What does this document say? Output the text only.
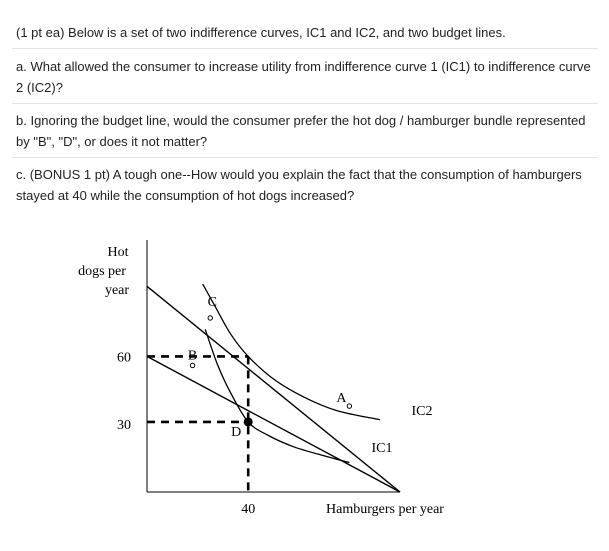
(1 pt ea) Below is a set of two indifference curves, IC1 and IC2, and two budget lines.

a. What allowed the consumer to increase utility from indifference curve 1 (IC1) to indifference curve 2 (IC2)?

b. Ignoring the budget line, would the consumer prefer the hot dog / hamburger bundle represented by "B", "D", or does it not matter?

c. (BONUS 1 pt) A tough one--How would you explain the fact that the consumption of hamburgers stayed at 40 while the consumption of hot dogs increased?

Hot
dogs per
year
Hamburgers per year
60
30
40
A
B
C
D
IC2
IC1
